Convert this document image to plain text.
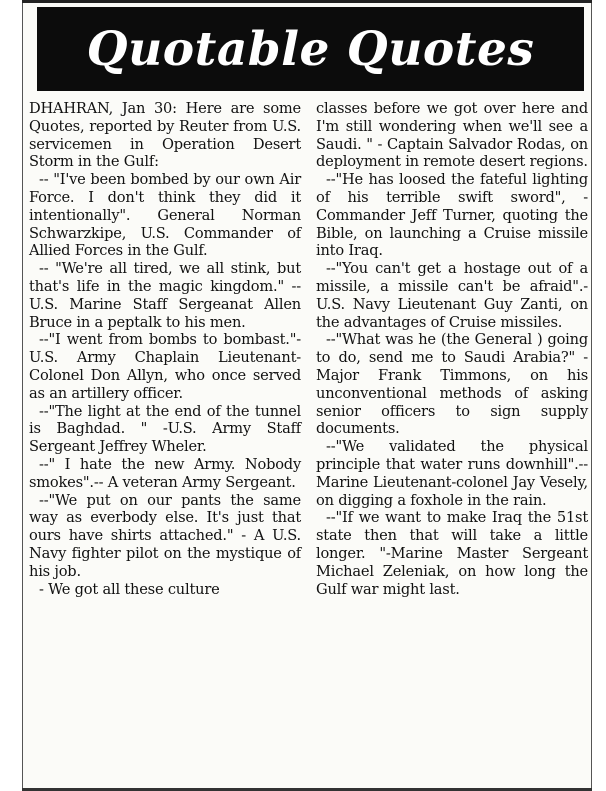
Quotable Quotes

DHAHRAN, Jan 30: Here are some Quotes, reported by Reuter from U.S. servicemen in Operation Desert Storm in the Gulf:

-- "I've been bombed by our own Air Force. I don't think they did it intentionally". General Norman Schwarzkipe, U.S. Commander of Allied Forces in the Gulf.

-- "We're all tired, we all stink, but that's life in the magic kingdom." --U.S. Marine Staff Sergeanat Allen Bruce in a peptalk to his men.

--"I went from bombs to bombast."- U.S. Army Chaplain Lieutenant-Colonel Don Allyn, who once served as an artillery officer.

--"The light at the end of the tunnel is Baghdad. " -U.S. Army Staff Sergeant Jeffrey Wheler.

--" I hate the new Army. Nobody smokes".-- A veteran Army Sergeant.

--"We put on our pants the same way as everbody else. It's just that ours have shirts attached." - A U.S. Navy fighter pilot on the mystique of his job.

- We got all these culture

classes before we got over here and I'm still wondering when we'll see a Saudi. " - Captain Salvador Rodas, on deployment in remote desert regions.

--"He has loosed the fateful lighting of his terrible swift sword", - Commander Jeff Turner, quoting the Bible, on launching a Cruise missile into Iraq.

--"You can't get a hostage out of a missile, a missile can't be afraid".-U.S. Navy Lieutenant Guy Zanti, on the advantages of Cruise missiles.

--"What was he (the General ) going to do, send me to Saudi Arabia?" - Major Frank Timmons, on his unconventional methods of asking senior officers to sign supply documents.

--"We validated the physical principle that water runs downhill".--Marine Lieutenant-colonel Jay Vesely, on digging a foxhole in the rain.

--"If we want to make Iraq the 51st state then that will take a little longer. "-Marine Master Sergeant Michael Zeleniak, on how long the Gulf war might last.
